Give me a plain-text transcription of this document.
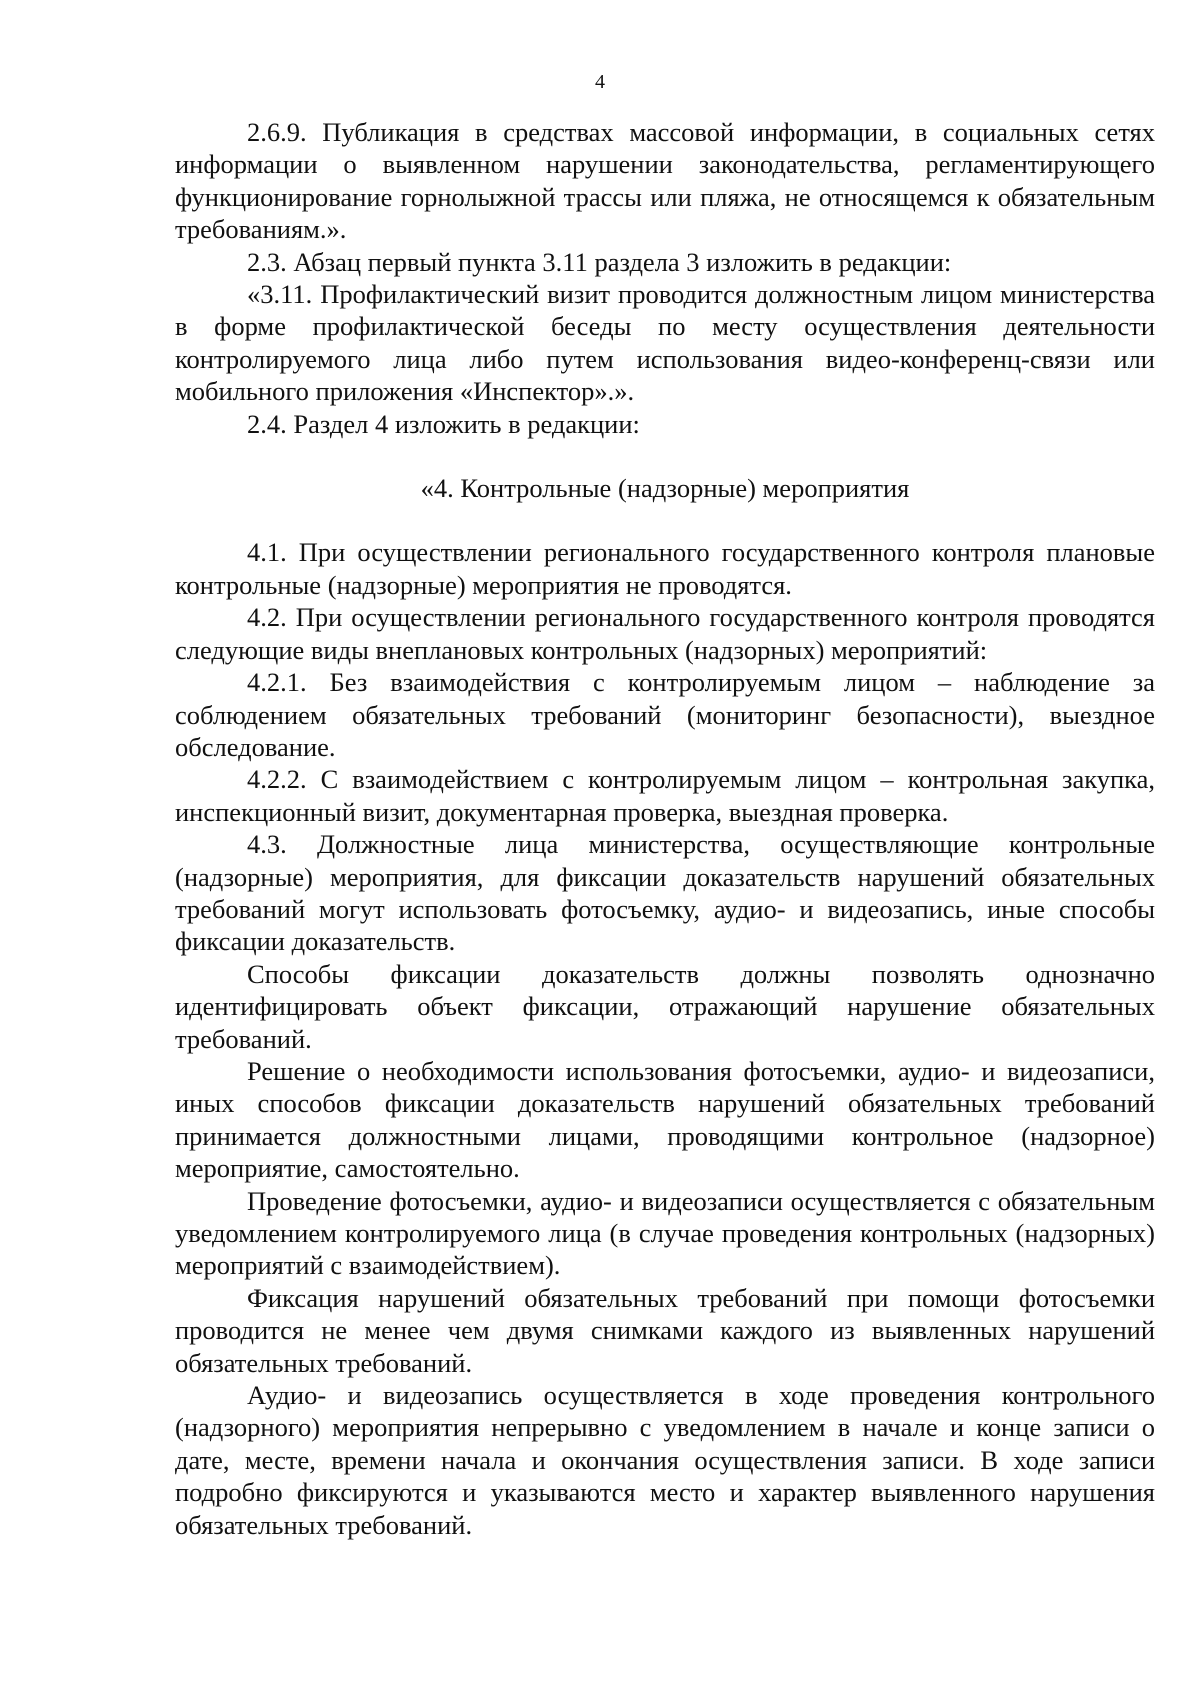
4

2.6.9. Публикация в средствах массовой информации, в социальных сетях информации о выявленном нарушении законодательства, регламентирующего функционирование горнолыжной трассы или пляжа, не относящемся к обязательным требованиям.».

2.3. Абзац первый пункта 3.11 раздела 3 изложить в редакции:

«3.11. Профилактический визит проводится должностным лицом министерства в форме профилактической беседы по месту осуществления деятельности контролируемого лица либо путем использования видео-конференц-связи или мобильного приложения «Инспектор».».

2.4. Раздел 4 изложить в редакции:

«4. Контрольные (надзорные) мероприятия

4.1. При осуществлении регионального государственного контроля плановые контрольные (надзорные) мероприятия не проводятся.

4.2. При осуществлении регионального государственного контроля проводятся следующие виды внеплановых контрольных (надзорных) мероприятий:

4.2.1. Без взаимодействия с контролируемым лицом – наблюдение за соблюдением обязательных требований (мониторинг безопасности), выездное обследование.

4.2.2. С взаимодействием с контролируемым лицом – контрольная закупка, инспекционный визит, документарная проверка, выездная проверка.

4.3. Должностные лица министерства, осуществляющие контрольные (надзорные) мероприятия, для фиксации доказательств нарушений обязательных требований могут использовать фотосъемку, аудио- и видеозапись, иные способы фиксации доказательств.

Способы фиксации доказательств должны позволять однозначно идентифицировать объект фиксации, отражающий нарушение обязательных требований.

Решение о необходимости использования фотосъемки, аудио- и видеозаписи, иных способов фиксации доказательств нарушений обязательных требований принимается должностными лицами, проводящими контрольное (надзорное) мероприятие, самостоятельно.

Проведение фотосъемки, аудио- и видеозаписи осуществляется с обязательным уведомлением контролируемого лица (в случае проведения контрольных (надзорных) мероприятий с взаимодействием).

Фиксация нарушений обязательных требований при помощи фотосъемки проводится не менее чем двумя снимками каждого из выявленных нарушений обязательных требований.

Аудио- и видеозапись осуществляется в ходе проведения контрольного (надзорного) мероприятия непрерывно с уведомлением в начале и конце записи о дате, месте, времени начала и окончания осуществления записи. В ходе записи подробно фиксируются и указываются место и характер выявленного нарушения обязательных требований.
